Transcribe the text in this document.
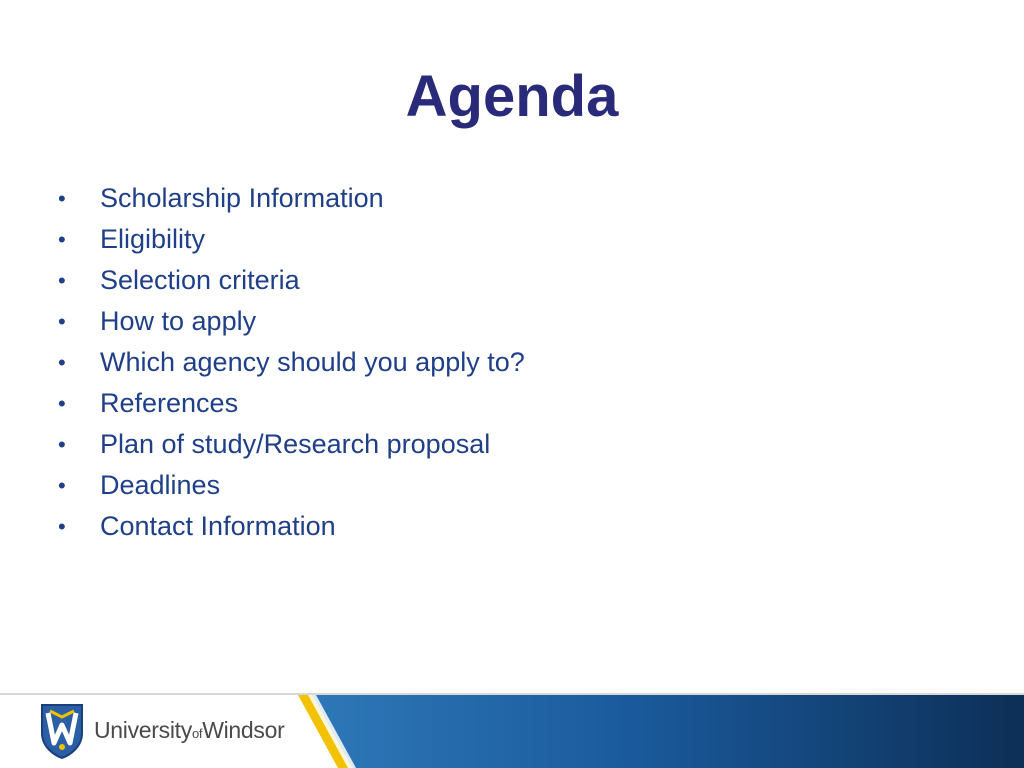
Agenda
• Scholarship Information
• Eligibility
• Selection criteria
• How to apply
• Which agency should you apply to?
• References
• Plan of study/Research proposal
• Deadlines
• Contact Information
UniversityofWindsor
